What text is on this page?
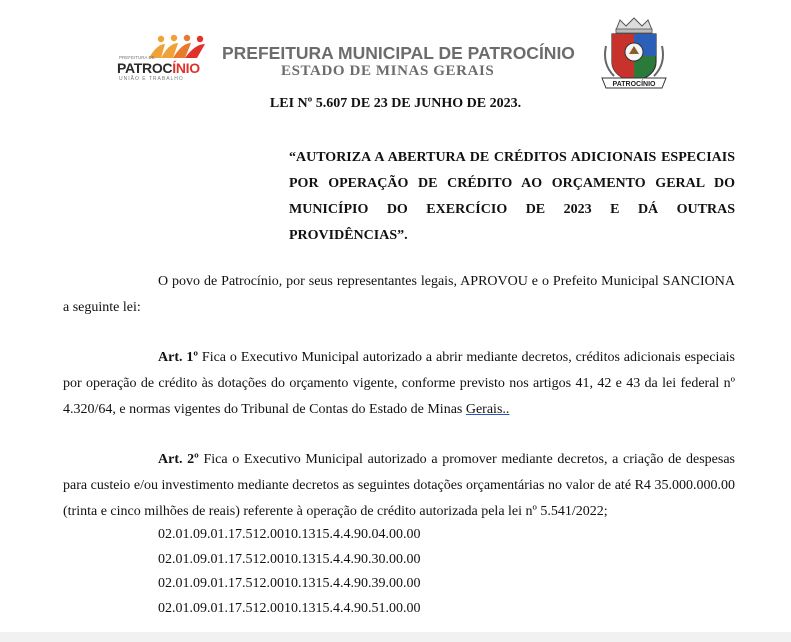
PREFEITURA DE
PATROCÍNIO
UNIÃO E TRABALHO
PREFEITURA MUNICIPAL DE PATROCÍNIO
ESTADO DE MINAS GERAIS
PATROCÍNIO
LEI Nº 5.607 DE 23 DE JUNHO DE 2023.
“AUTORIZA A ABERTURA DE CRÉDITOS ADICIONAIS ESPECIAIS POR OPERAÇÃO DE CRÉDITO AO ORÇAMENTO GERAL DO MUNICÍPIO DO EXERCÍCIO DE 2023 E DÁ OUTRAS PROVIDÊNCIAS”.
O povo de Patrocínio, por seus representantes legais, APROVOU e o Prefeito Municipal SANCIONA a seguinte lei:
Art. 1º Fica o Executivo Municipal autorizado a abrir mediante decretos, créditos adicionais especiais por operação de crédito às dotações do orçamento vigente, conforme previsto nos artigos 41, 42 e 43 da lei federal nº 4.320/64, e normas vigentes do Tribunal de Contas do Estado de Minas Gerais..
Art. 2º Fica o Executivo Municipal autorizado a promover mediante decretos, a criação de despesas para custeio e/ou investimento mediante decretos as seguintes dotações orçamentárias no valor de até R4 35.000.000.00 (trinta e cinco milhões de reais) referente à operação de crédito autorizada pela lei nº 5.541/2022;
02.01.09.01.17.512.0010.1315.4.4.90.04.00.00
02.01.09.01.17.512.0010.1315.4.4.90.30.00.00
02.01.09.01.17.512.0010.1315.4.4.90.39.00.00
02.01.09.01.17.512.0010.1315.4.4.90.51.00.00
